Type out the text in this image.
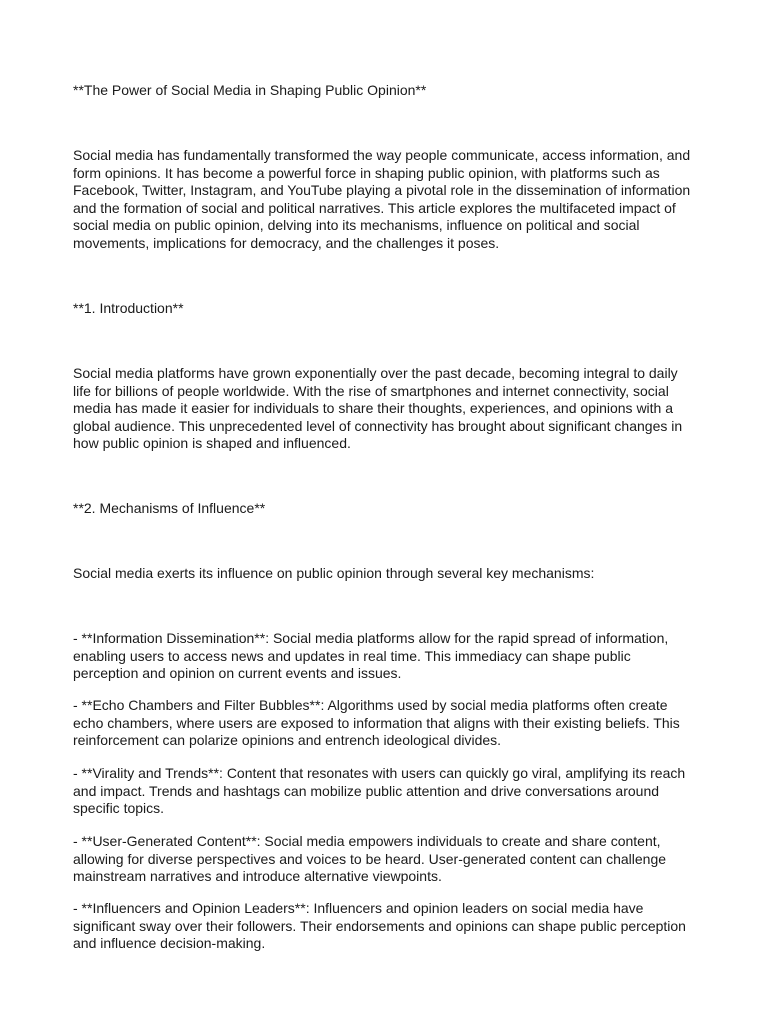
**The Power of Social Media in Shaping Public Opinion**

Social media has fundamentally transformed the way people communicate, access information, and form opinions. It has become a powerful force in shaping public opinion, with platforms such as Facebook, Twitter, Instagram, and YouTube playing a pivotal role in the dissemination of information and the formation of social and political narratives. This article explores the multifaceted impact of social media on public opinion, delving into its mechanisms, influence on political and social movements, implications for democracy, and the challenges it poses.

**1. Introduction**

Social media platforms have grown exponentially over the past decade, becoming integral to daily life for billions of people worldwide. With the rise of smartphones and internet connectivity, social media has made it easier for individuals to share their thoughts, experiences, and opinions with a global audience. This unprecedented level of connectivity has brought about significant changes in how public opinion is shaped and influenced.

**2. Mechanisms of Influence**

Social media exerts its influence on public opinion through several key mechanisms:

- **Information Dissemination**: Social media platforms allow for the rapid spread of information, enabling users to access news and updates in real time. This immediacy can shape public perception and opinion on current events and issues.

- **Echo Chambers and Filter Bubbles**: Algorithms used by social media platforms often create echo chambers, where users are exposed to information that aligns with their existing beliefs. This reinforcement can polarize opinions and entrench ideological divides.

- **Virality and Trends**: Content that resonates with users can quickly go viral, amplifying its reach and impact. Trends and hashtags can mobilize public attention and drive conversations around specific topics.

- **User-Generated Content**: Social media empowers individuals to create and share content, allowing for diverse perspectives and voices to be heard. User-generated content can challenge mainstream narratives and introduce alternative viewpoints.

- **Influencers and Opinion Leaders**: Influencers and opinion leaders on social media have significant sway over their followers. Their endorsements and opinions can shape public perception and influence decision-making.
